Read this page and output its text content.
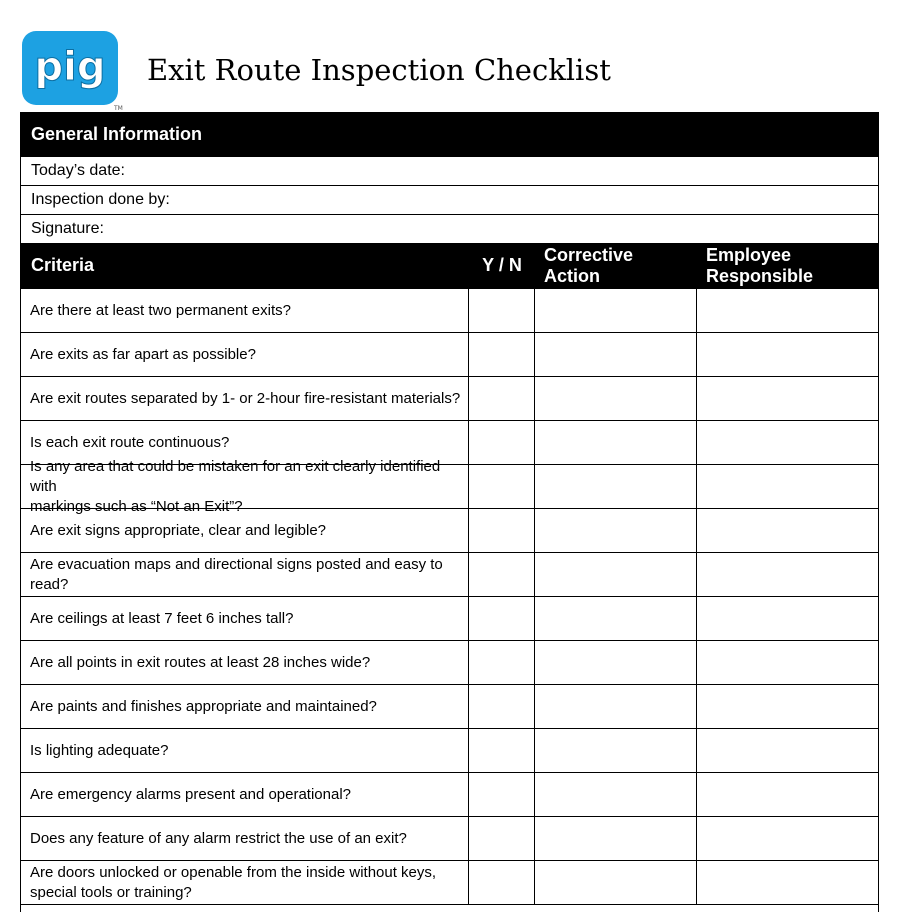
pig
TM
Exit Route Inspection Checklist
General Information
Today’s date:
Inspection done by:
Signature:
Criteria	Y / N	Corrective
Action
Employee
Responsible
Are there at least two permanent exits?
Are exits as far apart as possible?
Are exit routes separated by 1- or 2-hour fire-resistant materials?
Is each exit route continuous?
Is any area that could be mistaken for an exit clearly identified with
markings such as “Not an Exit”?
Are exit signs appropriate, clear and legible?
Are evacuation maps and directional signs posted and easy to read?
Are ceilings at least 7 feet 6 inches tall?
Are all points in exit routes at least 28 inches wide?
Are paints and finishes appropriate and maintained?
Is lighting adequate?
Are emergency alarms present and operational?
Does any feature of any alarm restrict the use of an exit?
Are doors unlocked or openable from the inside without keys,
special tools or training?
